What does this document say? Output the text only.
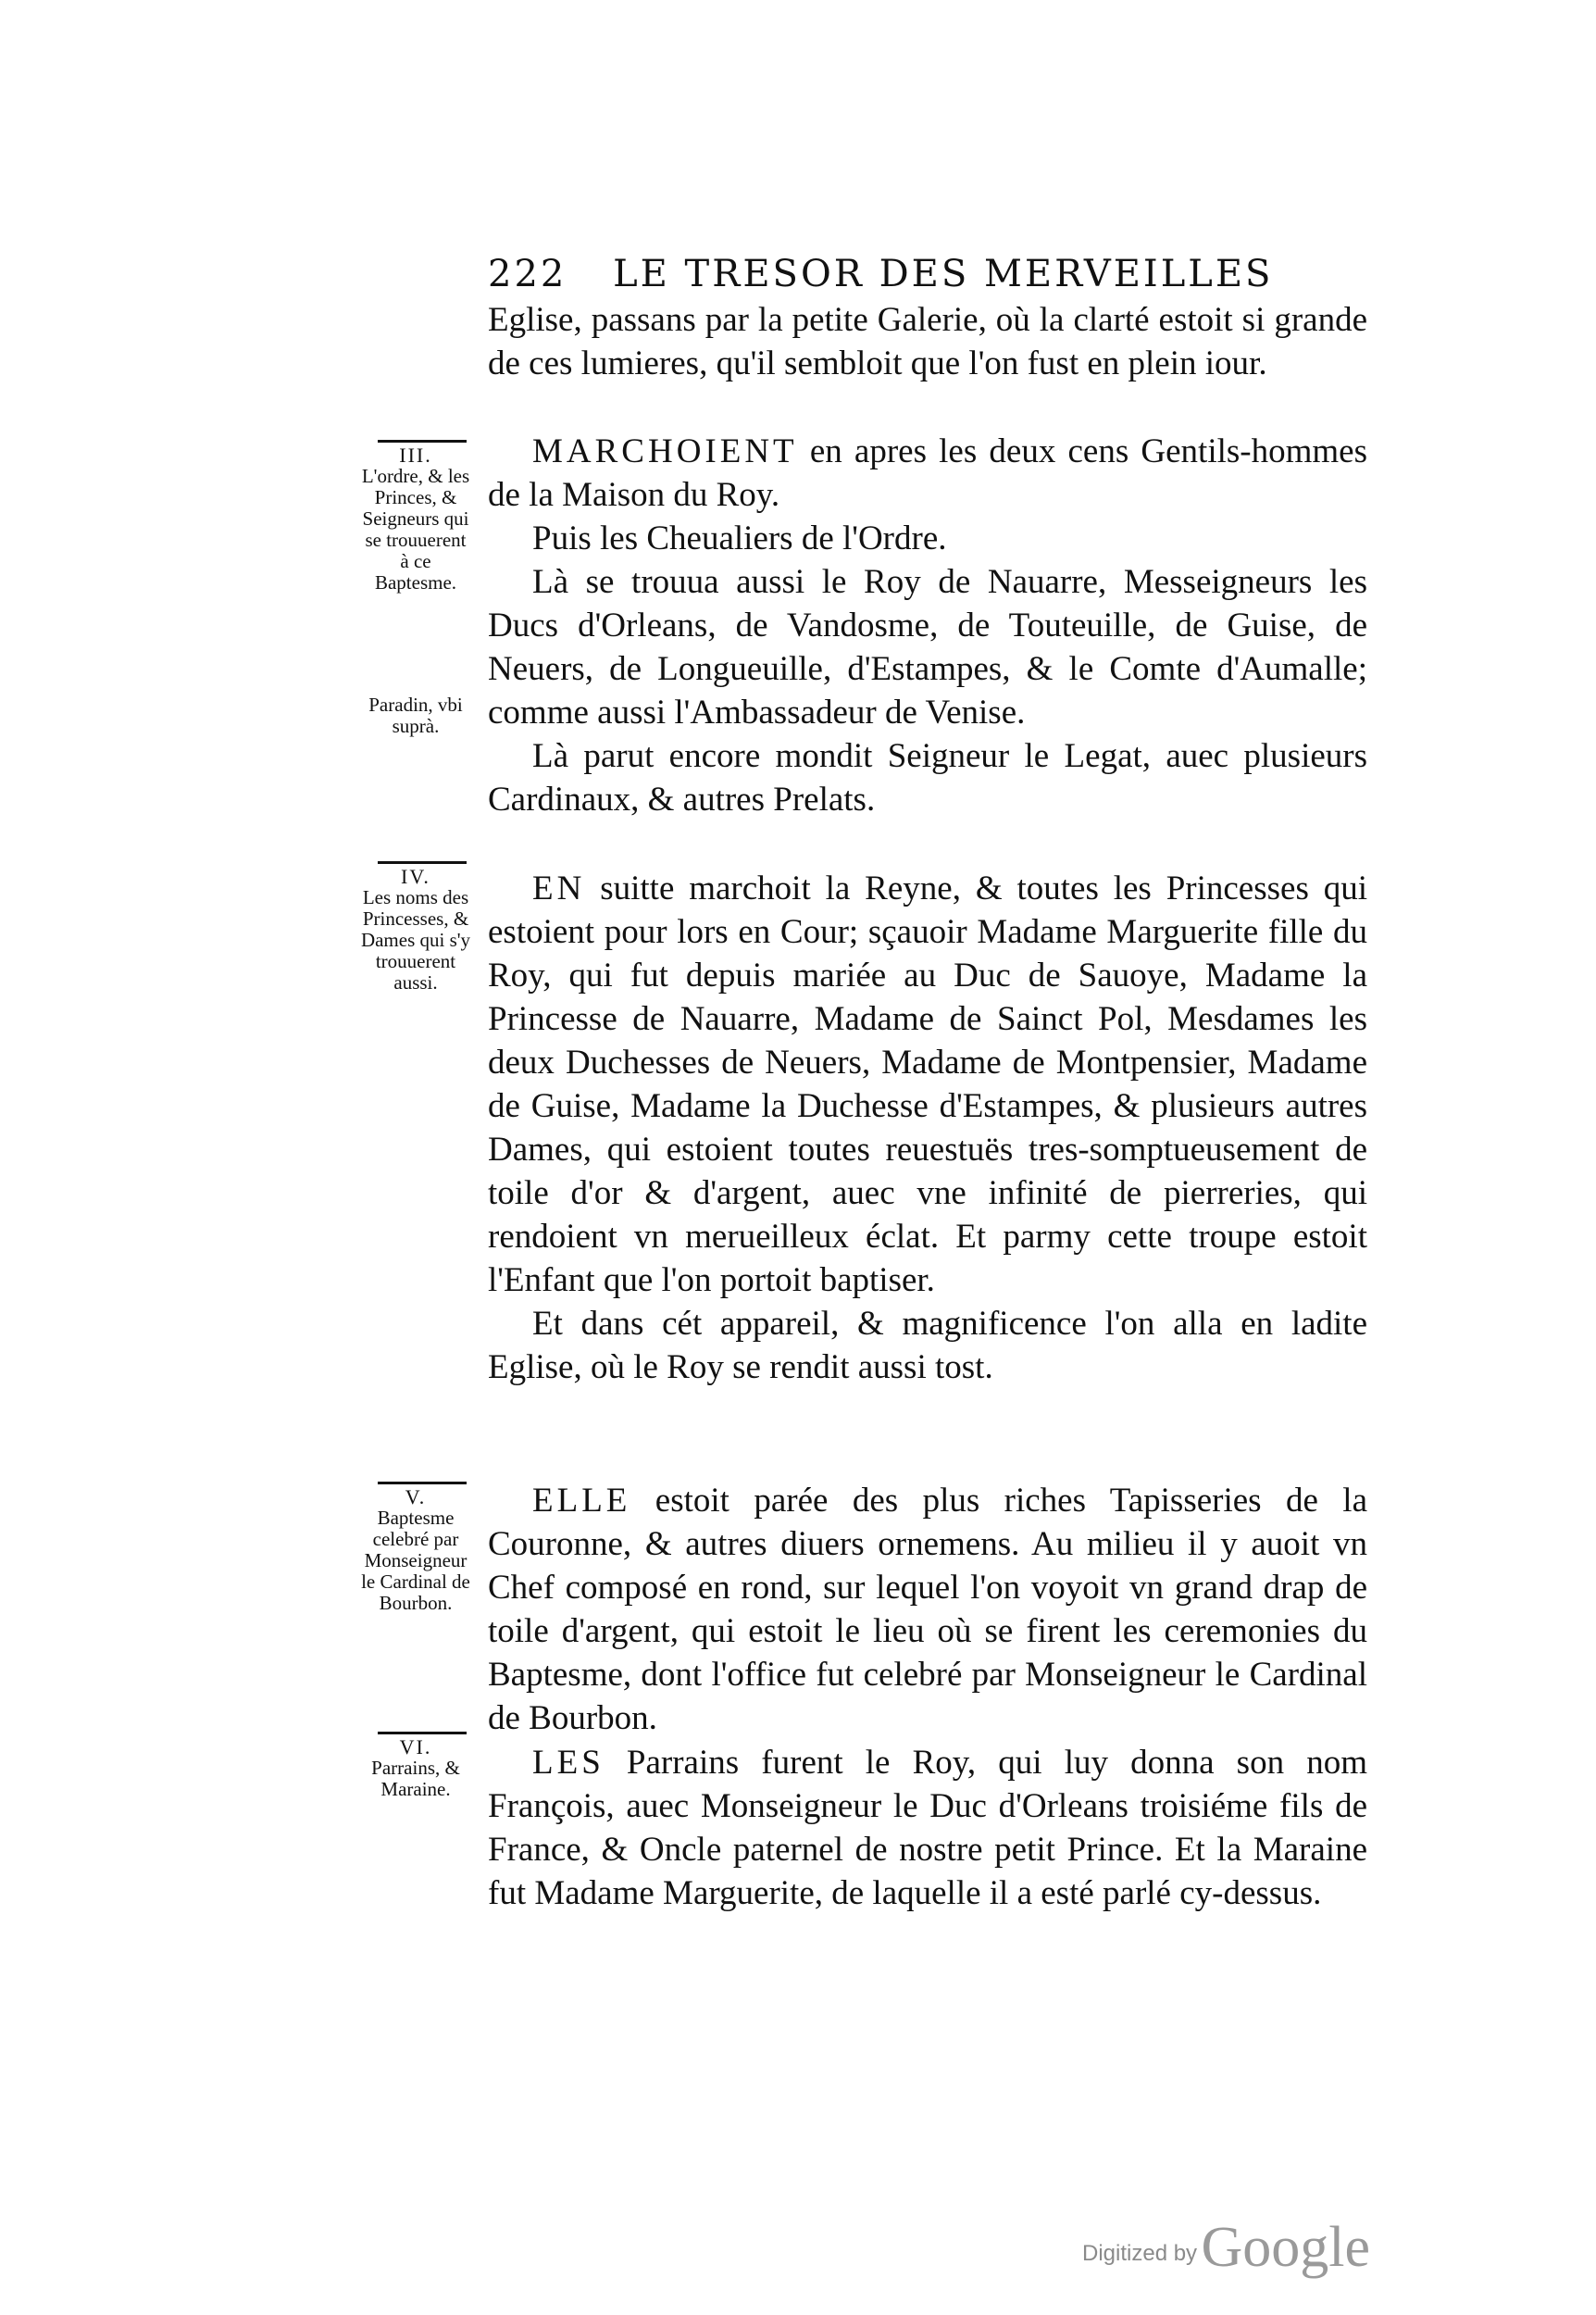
222 LE TRESOR DES MERVEILLES

Eglise, passans par la petite Galerie, où la clarté estoit si grande de ces lumieres, qu'il sembloit que l'on fust en plein iour.

MARCHOIENT en apres les deux cens Gentils-hommes de la Maison du Roy.

Puis les Cheualiers de l'Ordre.

Là se trouua aussi le Roy de Nauarre, Messeigneurs les Ducs d'Orleans, de Vandosme, de Touteuille, de Guise, de Neuers, de Longueuille, d'Estampes, & le Comte d'Aumalle; comme aussi l'Ambassadeur de Venise.

Là parut encore mondit Seigneur le Legat, auec plusieurs Cardinaux, & autres Prelats.

EN suitte marchoit la Reyne, & toutes les Princesses qui estoient pour lors en Cour; sçauoir Madame Marguerite fille du Roy, qui fut depuis mariée au Duc de Sauoye, Madame la Princesse de Nauarre, Madame de Sainct Pol, Mesdames les deux Duchesses de Neuers, Madame de Montpensier, Madame de Guise, Madame la Duchesse d'Estampes, & plusieurs autres Dames, qui estoient toutes reuestuës tres-somptueusement de toile d'or & d'argent, auec vne infinité de pierreries, qui rendoient vn merueilleux éclat. Et parmy cette troupe estoit l'Enfant que l'on portoit baptiser.

Et dans cét appareil, & magnificence l'on alla en ladite Eglise, où le Roy se rendit aussi tost.

ELLE estoit parée des plus riches Tapisseries de la Couronne, & autres diuers ornemens. Au milieu il y auoit vn Chef composé en rond, sur lequel l'on voyoit vn grand drap de toile d'argent, qui estoit le lieu où se firent les ceremonies du Baptesme, dont l'office fut celebré par Monseigneur le Cardinal de Bourbon.

LES Parrains furent le Roy, qui luy donna son nom François, auec Monseigneur le Duc d'Orleans troisiéme fils de France, & Oncle paternel de nostre petit Prince. Et la Maraine fut Madame Marguerite, de laquelle il a esté parlé cy-dessus.

III.
L'ordre, & les Princes, & Seigneurs qui se trouuerent à ce Baptesme.
Paradin, vbi suprà.
IV.
Les noms des Princesses, & Dames qui s'y trouuerent aussi.
V.
Baptesme celebré par Monseigneur le Cardinal de Bourbon.
VI.
Parrains, & Maraine.
Digitized by Google
